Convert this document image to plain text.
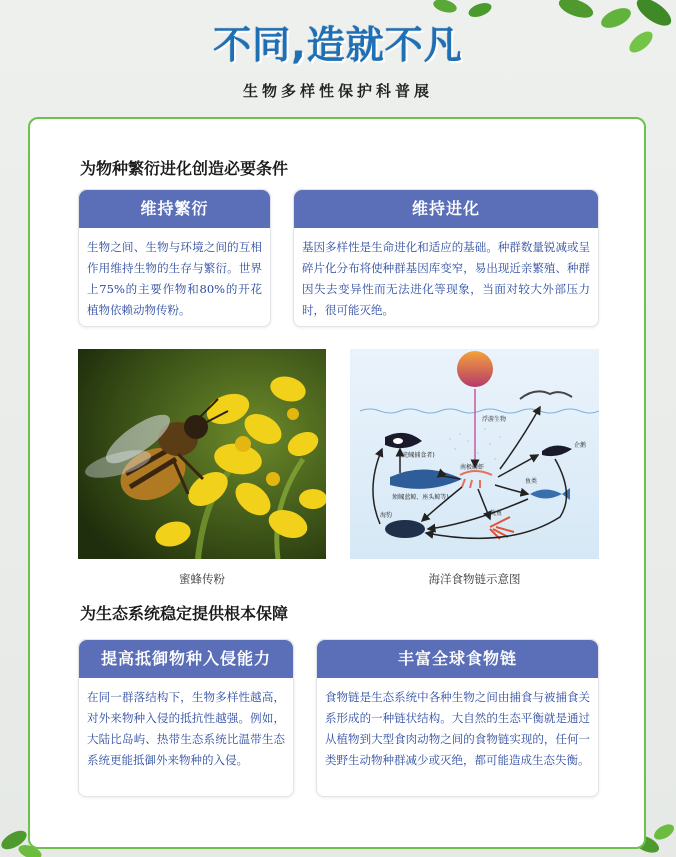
不同,造就不凡
生物多样性保护科普展
为物种繁衍进化创造必要条件
维持繁衍
生物之间、生物与环境之间的互相作用维持生物的生存与繁衍。世界上75%的主要作物和80%的开花植物依赖动物传粉。
维持进化
基因多样性是生命进化和适应的基础。种群数量锐减或呈碎片化分布将使种群基因库变窄，易出现近亲繁殖、种群因失去变异性而无法进化等现象，当面对较大外部压力时，很可能灭绝。
蜜蜂传粉
浮游生物
虎鲸
(捕食者)
须鲸
(蓝鲸、座头鲸等)
南极磷虾
企鹅
鱼类
海豹	鱿鱼
海洋食物链示意图
为生态系统稳定提供根本保障
提高抵御物种入侵能力
在同一群落结构下，生物多样性越高，对外来物种入侵的抵抗性越强。例如，大陆比岛屿、热带生态系统比温带生态系统更能抵御外来物种的入侵。
丰富全球食物链
食物链是生态系统中各种生物之间由捕食与被捕食关系形成的一种链状结构。大自然的生态平衡就是通过从植物到大型食肉动物之间的食物链实现的，任何一类野生动物种群减少或灭绝，都可能造成生态失衡。
